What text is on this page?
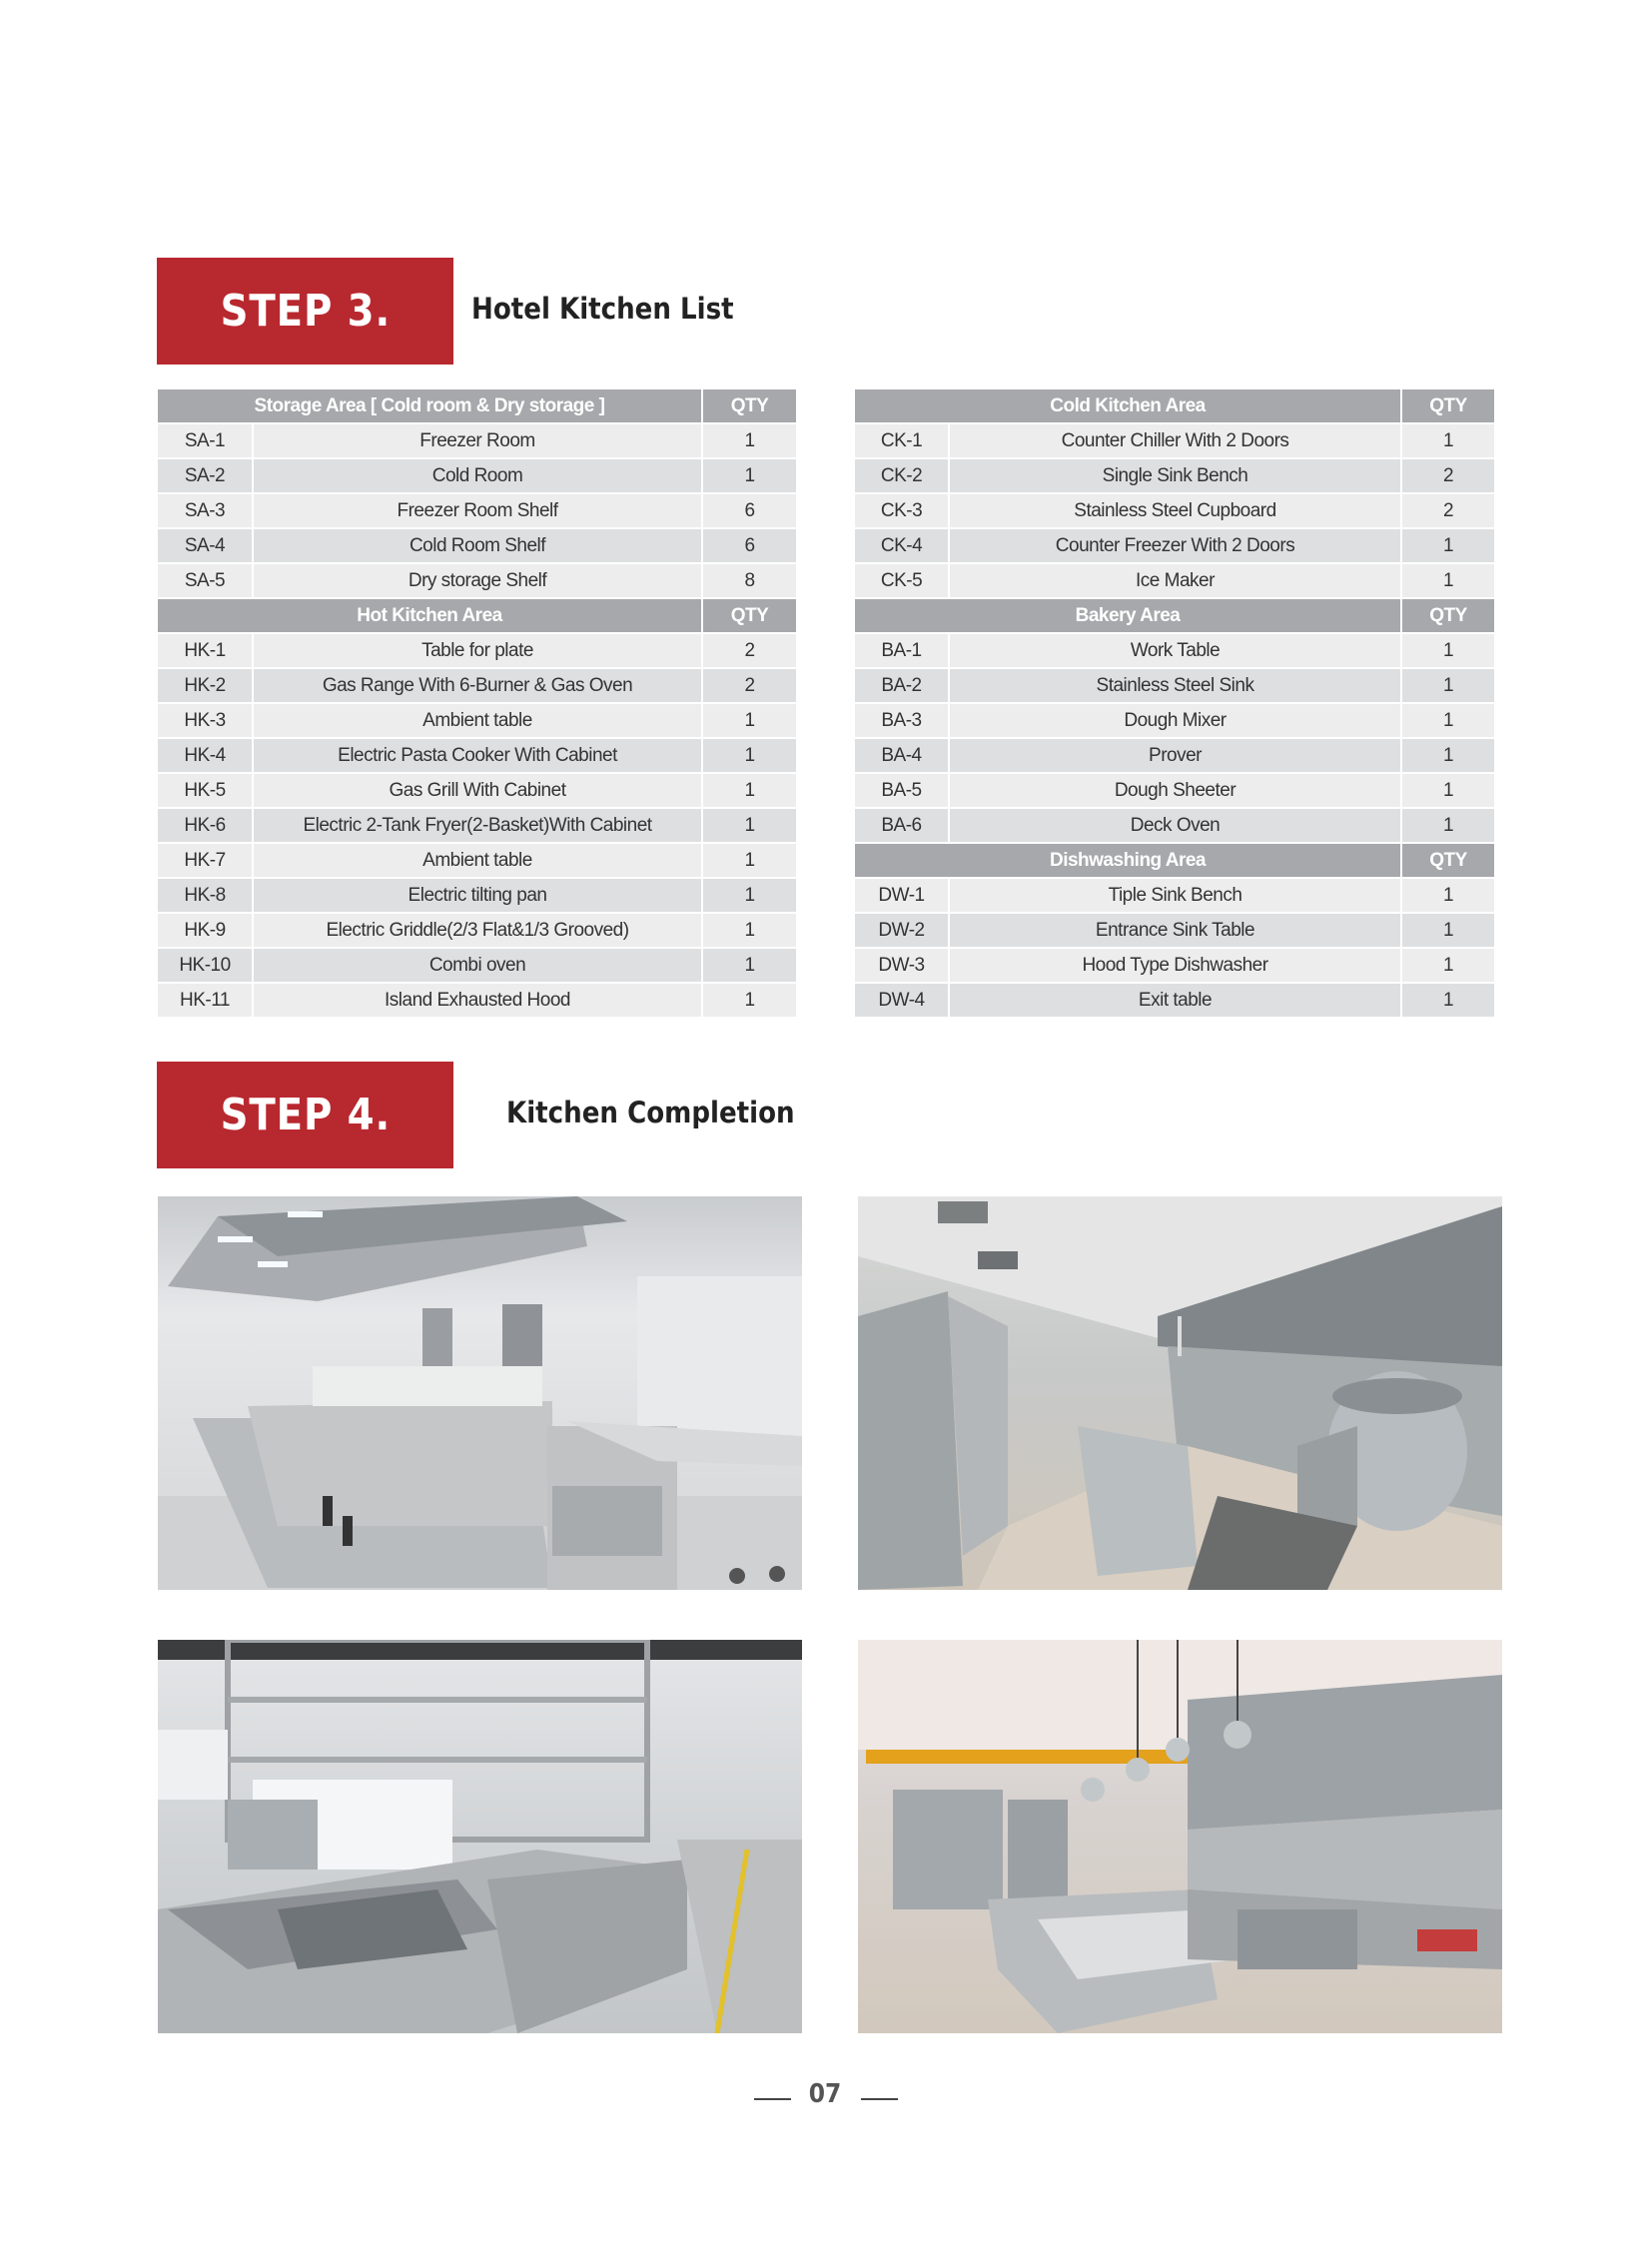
STEP 3.	Hotel Kitchen List
Storage Area [ Cold room & Dry storage ]		QTY
SA-1	Freezer Room	1
SA-2	Cold Room	1
SA-3	Freezer Room Shelf	6
SA-4	Cold Room Shelf	6
SA-5	Dry storage Shelf	8
Hot Kitchen Area		QTY
HK-1	Table for plate	2
HK-2	Gas Range With 6-Burner & Gas Oven	2
HK-3	Ambient table	1
HK-4	Electric Pasta Cooker With Cabinet	1
HK-5	Gas Grill With Cabinet	1
HK-6	Electric 2-Tank Fryer(2-Basket)With Cabinet	1
HK-7	Ambient table	1
HK-8	Electric tilting pan	1
HK-9	Electric Griddle(2/3 Flat&1/3 Grooved)	1
HK-10	Combi oven	1
HK-11	Island Exhausted Hood	1
Cold Kitchen Area		QTY
CK-1	Counter Chiller With 2 Doors	1
CK-2	Single Sink Bench	2
CK-3	Stainless Steel Cupboard	2
CK-4	Counter Freezer With 2 Doors	1
CK-5	Ice Maker	1
Bakery Area		QTY
BA-1	Work Table	1
BA-2	Stainless Steel Sink	1
BA-3	Dough Mixer	1
BA-4	Prover	1
BA-5	Dough Sheeter	1
BA-6	Deck Oven	1
Dishwashing Area		QTY
DW-1	Tiple Sink Bench	1
DW-2	Entrance Sink Table	1
DW-3	Hood Type Dishwasher	1
DW-4	Exit table	1
STEP 4.	Kitchen Completion
07
